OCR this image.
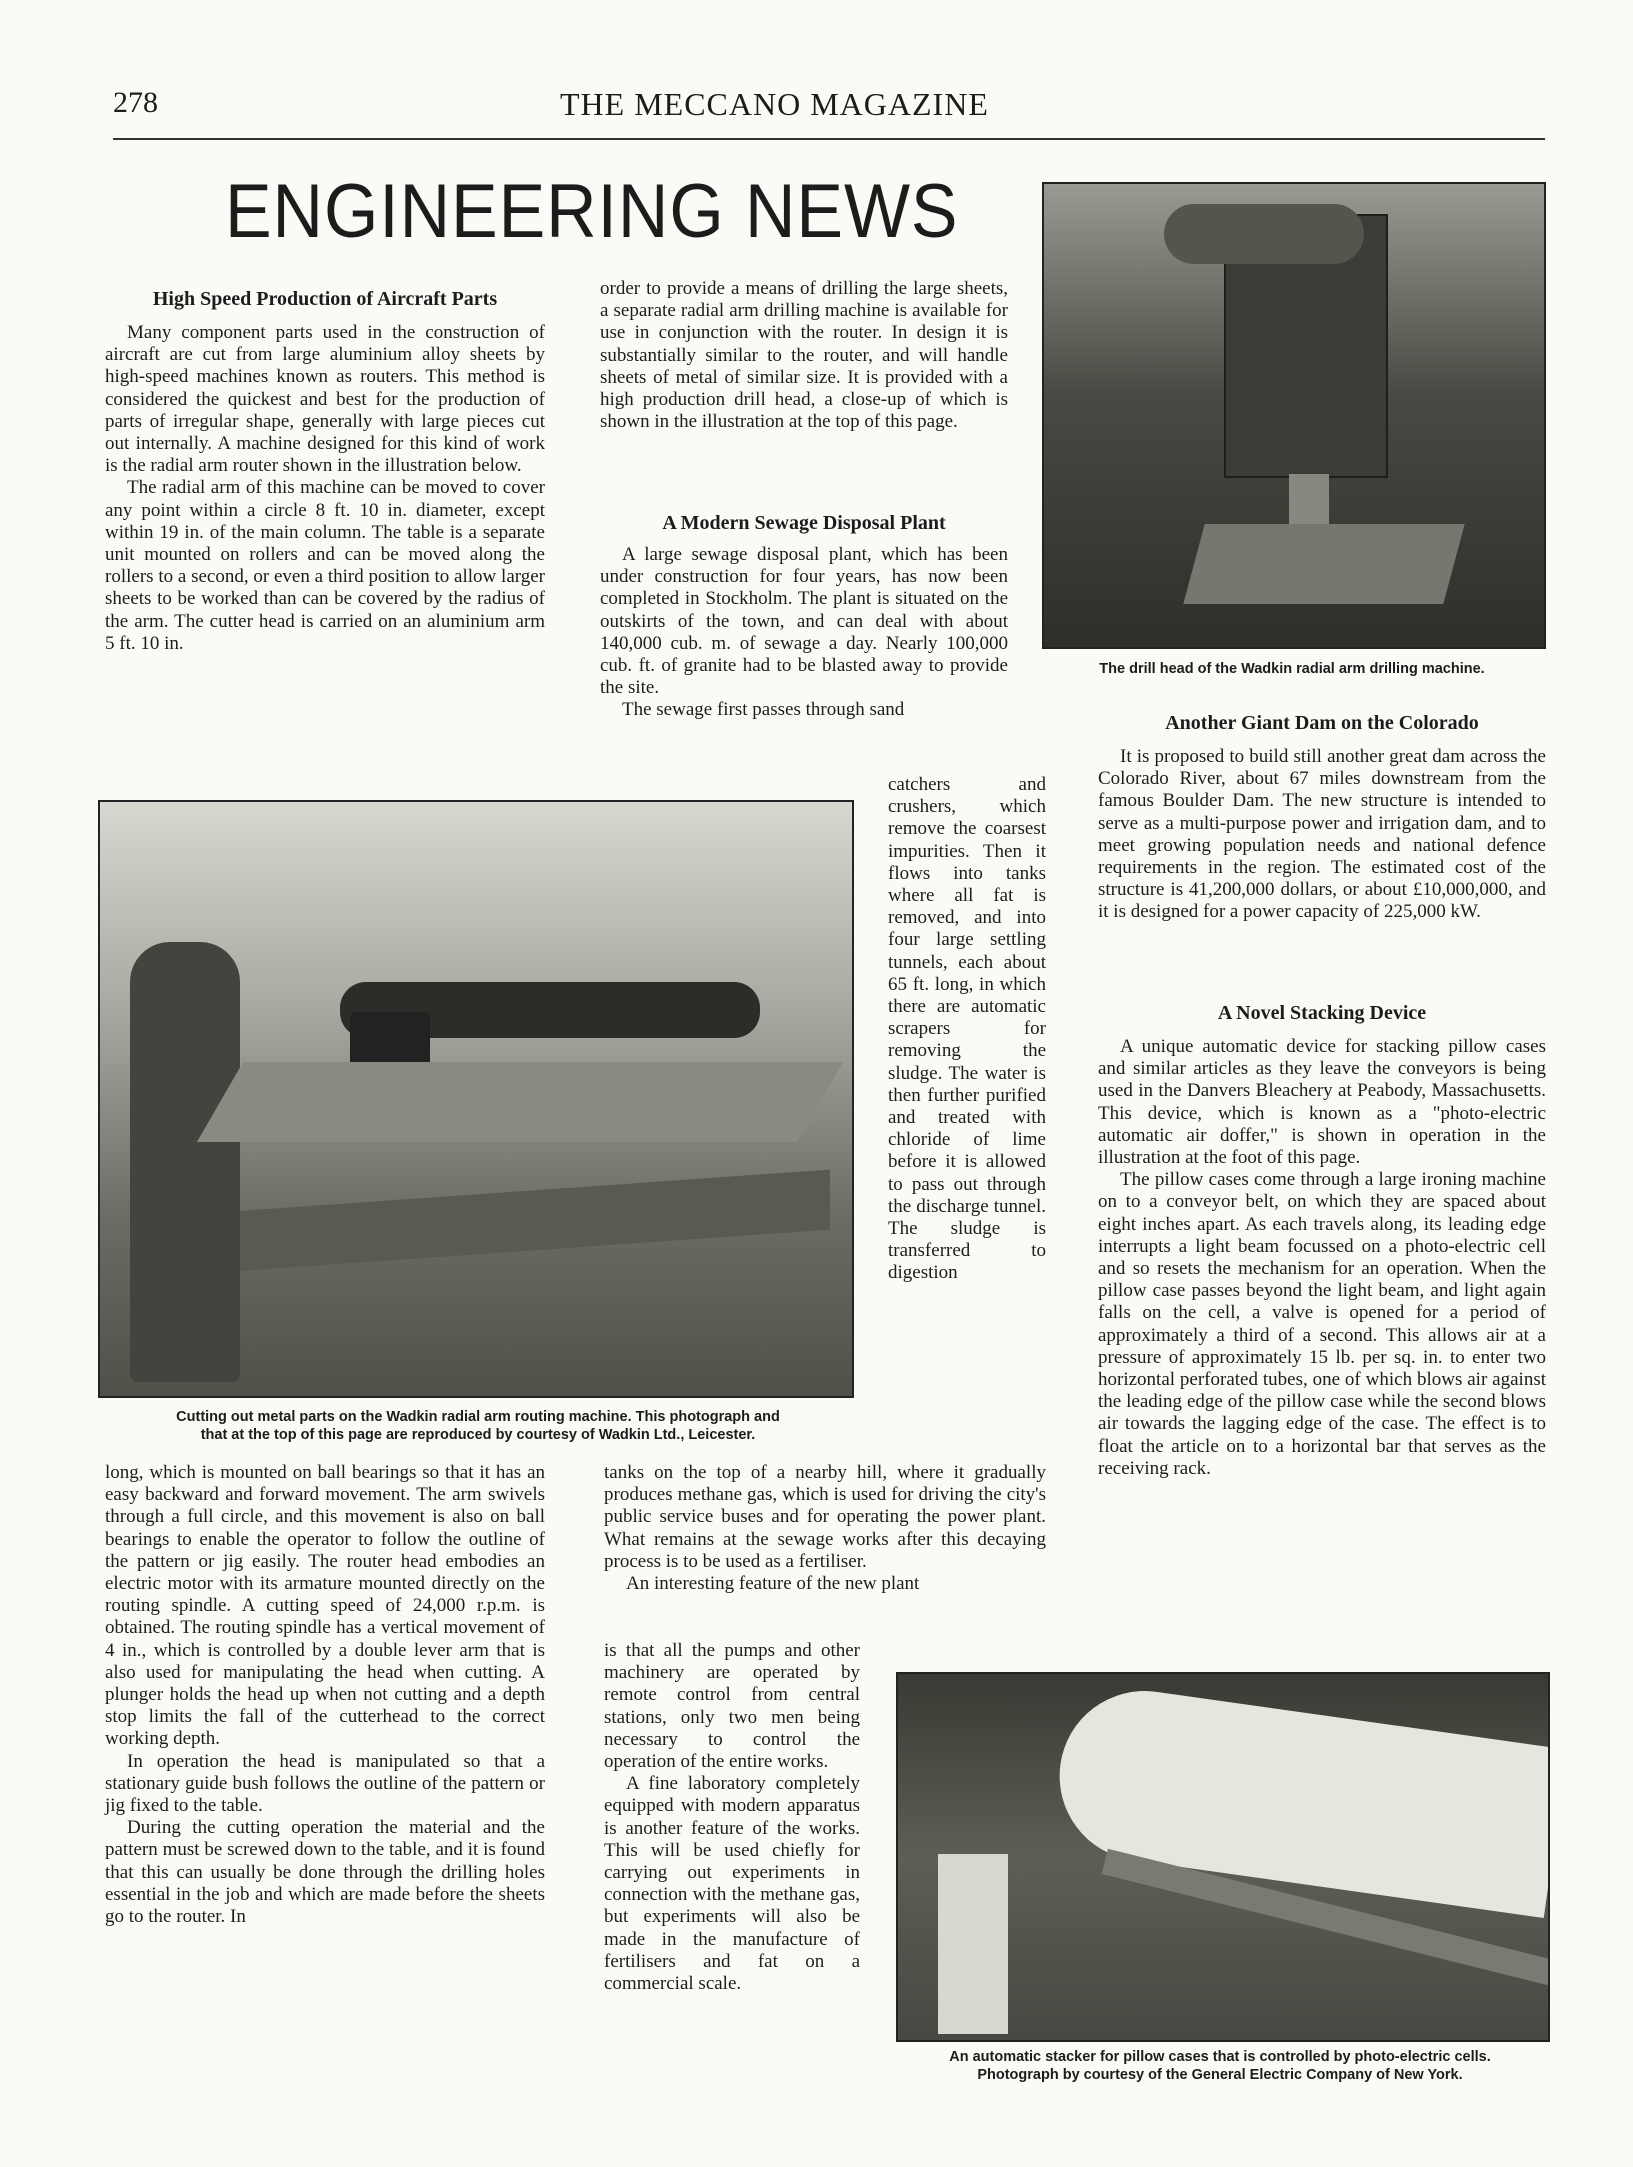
278	THE MECCANO MAGAZINE
ENGINEERING NEWS
High Speed Production of Aircraft Parts

Many component parts used in the construction of aircraft are cut from large aluminium alloy sheets by high-speed machines known as routers. This method is considered the quickest and best for the production of parts of irregular shape, generally with large pieces cut out internally. A machine designed for this kind of work is the radial arm router shown in the illustration below.

The radial arm of this machine can be moved to cover any point within a circle 8 ft. 10 in. diameter, except within 19 in. of the main column. The table is a separate unit mounted on rollers and can be moved along the rollers to a second, or even a third position to allow larger sheets to be worked than can be covered by the radius of the arm. The cutter head is carried on an aluminium arm 5 ft. 10 in.

order to provide a means of drilling the large sheets, a separate radial arm drilling machine is available for use in conjunction with the router. In design it is substantially similar to the router, and will handle sheets of metal of similar size. It is provided with a high production drill head, a close-up of which is shown in the illustration at the top of this page.

A Modern Sewage Disposal Plant

A large sewage disposal plant, which has been under construction for four years, has now been completed in Stockholm. The plant is situated on the outskirts of the town, and can deal with about 140,000 cub. m. of sewage a day. Nearly 100,000 cub. ft. of granite had to be blasted away to provide the site.

The sewage first passes through sand

catchers and crushers, which remove the coarsest impurities. Then it flows into tanks where all fat is removed, and into four large settling tunnels, each about 65 ft. long, in which there are automatic scrapers for removing the sludge. The water is then further purified and treated with chloride of lime before it is allowed to pass out through the discharge tunnel. The sludge is transferred to digestion

The drill head of the Wadkin radial arm drilling machine.
Another Giant Dam on the Colorado

It is proposed to build still another great dam across the Colorado River, about 67 miles downstream from the famous Boulder Dam. The new structure is intended to serve as a multi-purpose power and irrigation dam, and to meet growing population needs and national defence requirements in the region. The estimated cost of the structure is 41,200,000 dollars, or about £10,000,000, and it is designed for a power capacity of 225,000 kW.

A Novel Stacking Device

A unique automatic device for stacking pillow cases and similar articles as they leave the conveyors is being used in the Danvers Bleachery at Peabody, Massachusetts. This device, which is known as a "photo-electric automatic air doffer," is shown in operation in the illustration at the foot of this page.

The pillow cases come through a large ironing machine on to a conveyor belt, on which they are spaced about eight inches apart. As each travels along, its leading edge interrupts a light beam focussed on a photo-electric cell and so resets the mechanism for an operation. When the pillow case passes beyond the light beam, and light again falls on the cell, a valve is opened for a period of approximately a third of a second. This allows air at a pressure of approximately 15 lb. per sq. in. to enter two horizontal perforated tubes, one of which blows air against the leading edge of the pillow case while the second blows air towards the lagging edge of the case. The effect is to float the article on to a horizontal bar that serves as the receiving rack.

Cutting out metal parts on the Wadkin radial arm routing machine. This photograph and
that at the top of this page are reproduced by courtesy of Wadkin Ltd., Leicester.

long, which is mounted on ball bearings so that it has an easy backward and forward movement. The arm swivels through a full circle, and this movement is also on ball bearings to enable the operator to follow the outline of the pattern or jig easily. The router head embodies an electric motor with its armature mounted directly on the routing spindle. A cutting speed of 24,000 r.p.m. is obtained. The routing spindle has a vertical movement of 4 in., which is controlled by a double lever arm that is also used for manipulating the head when cutting. A plunger holds the head up when not cutting and a depth stop limits the fall of the cutterhead to the correct working depth.

In operation the head is manipulated so that a stationary guide bush follows the outline of the pattern or jig fixed to the table.

During the cutting operation the material and the pattern must be screwed down to the table, and it is found that this can usually be done through the drilling holes essential in the job and which are made before the sheets go to the router. In

tanks on the top of a nearby hill, where it gradually produces methane gas, which is used for driving the city's public service buses and for operating the power plant. What remains at the sewage works after this decaying process is to be used as a fertiliser.

An interesting feature of the new plant

is that all the pumps and other machinery are operated by remote control from central stations, only two men being necessary to control the operation of the entire works.

A fine laboratory completely equipped with modern apparatus is another feature of the works. This will be used chiefly for carrying out experiments in connection with the methane gas, but experiments will also be made in the manufacture of fertilisers and fat on a commercial scale.

An automatic stacker for pillow cases that is controlled by photo-electric cells.
Photograph by courtesy of the General Electric Company of New York.
